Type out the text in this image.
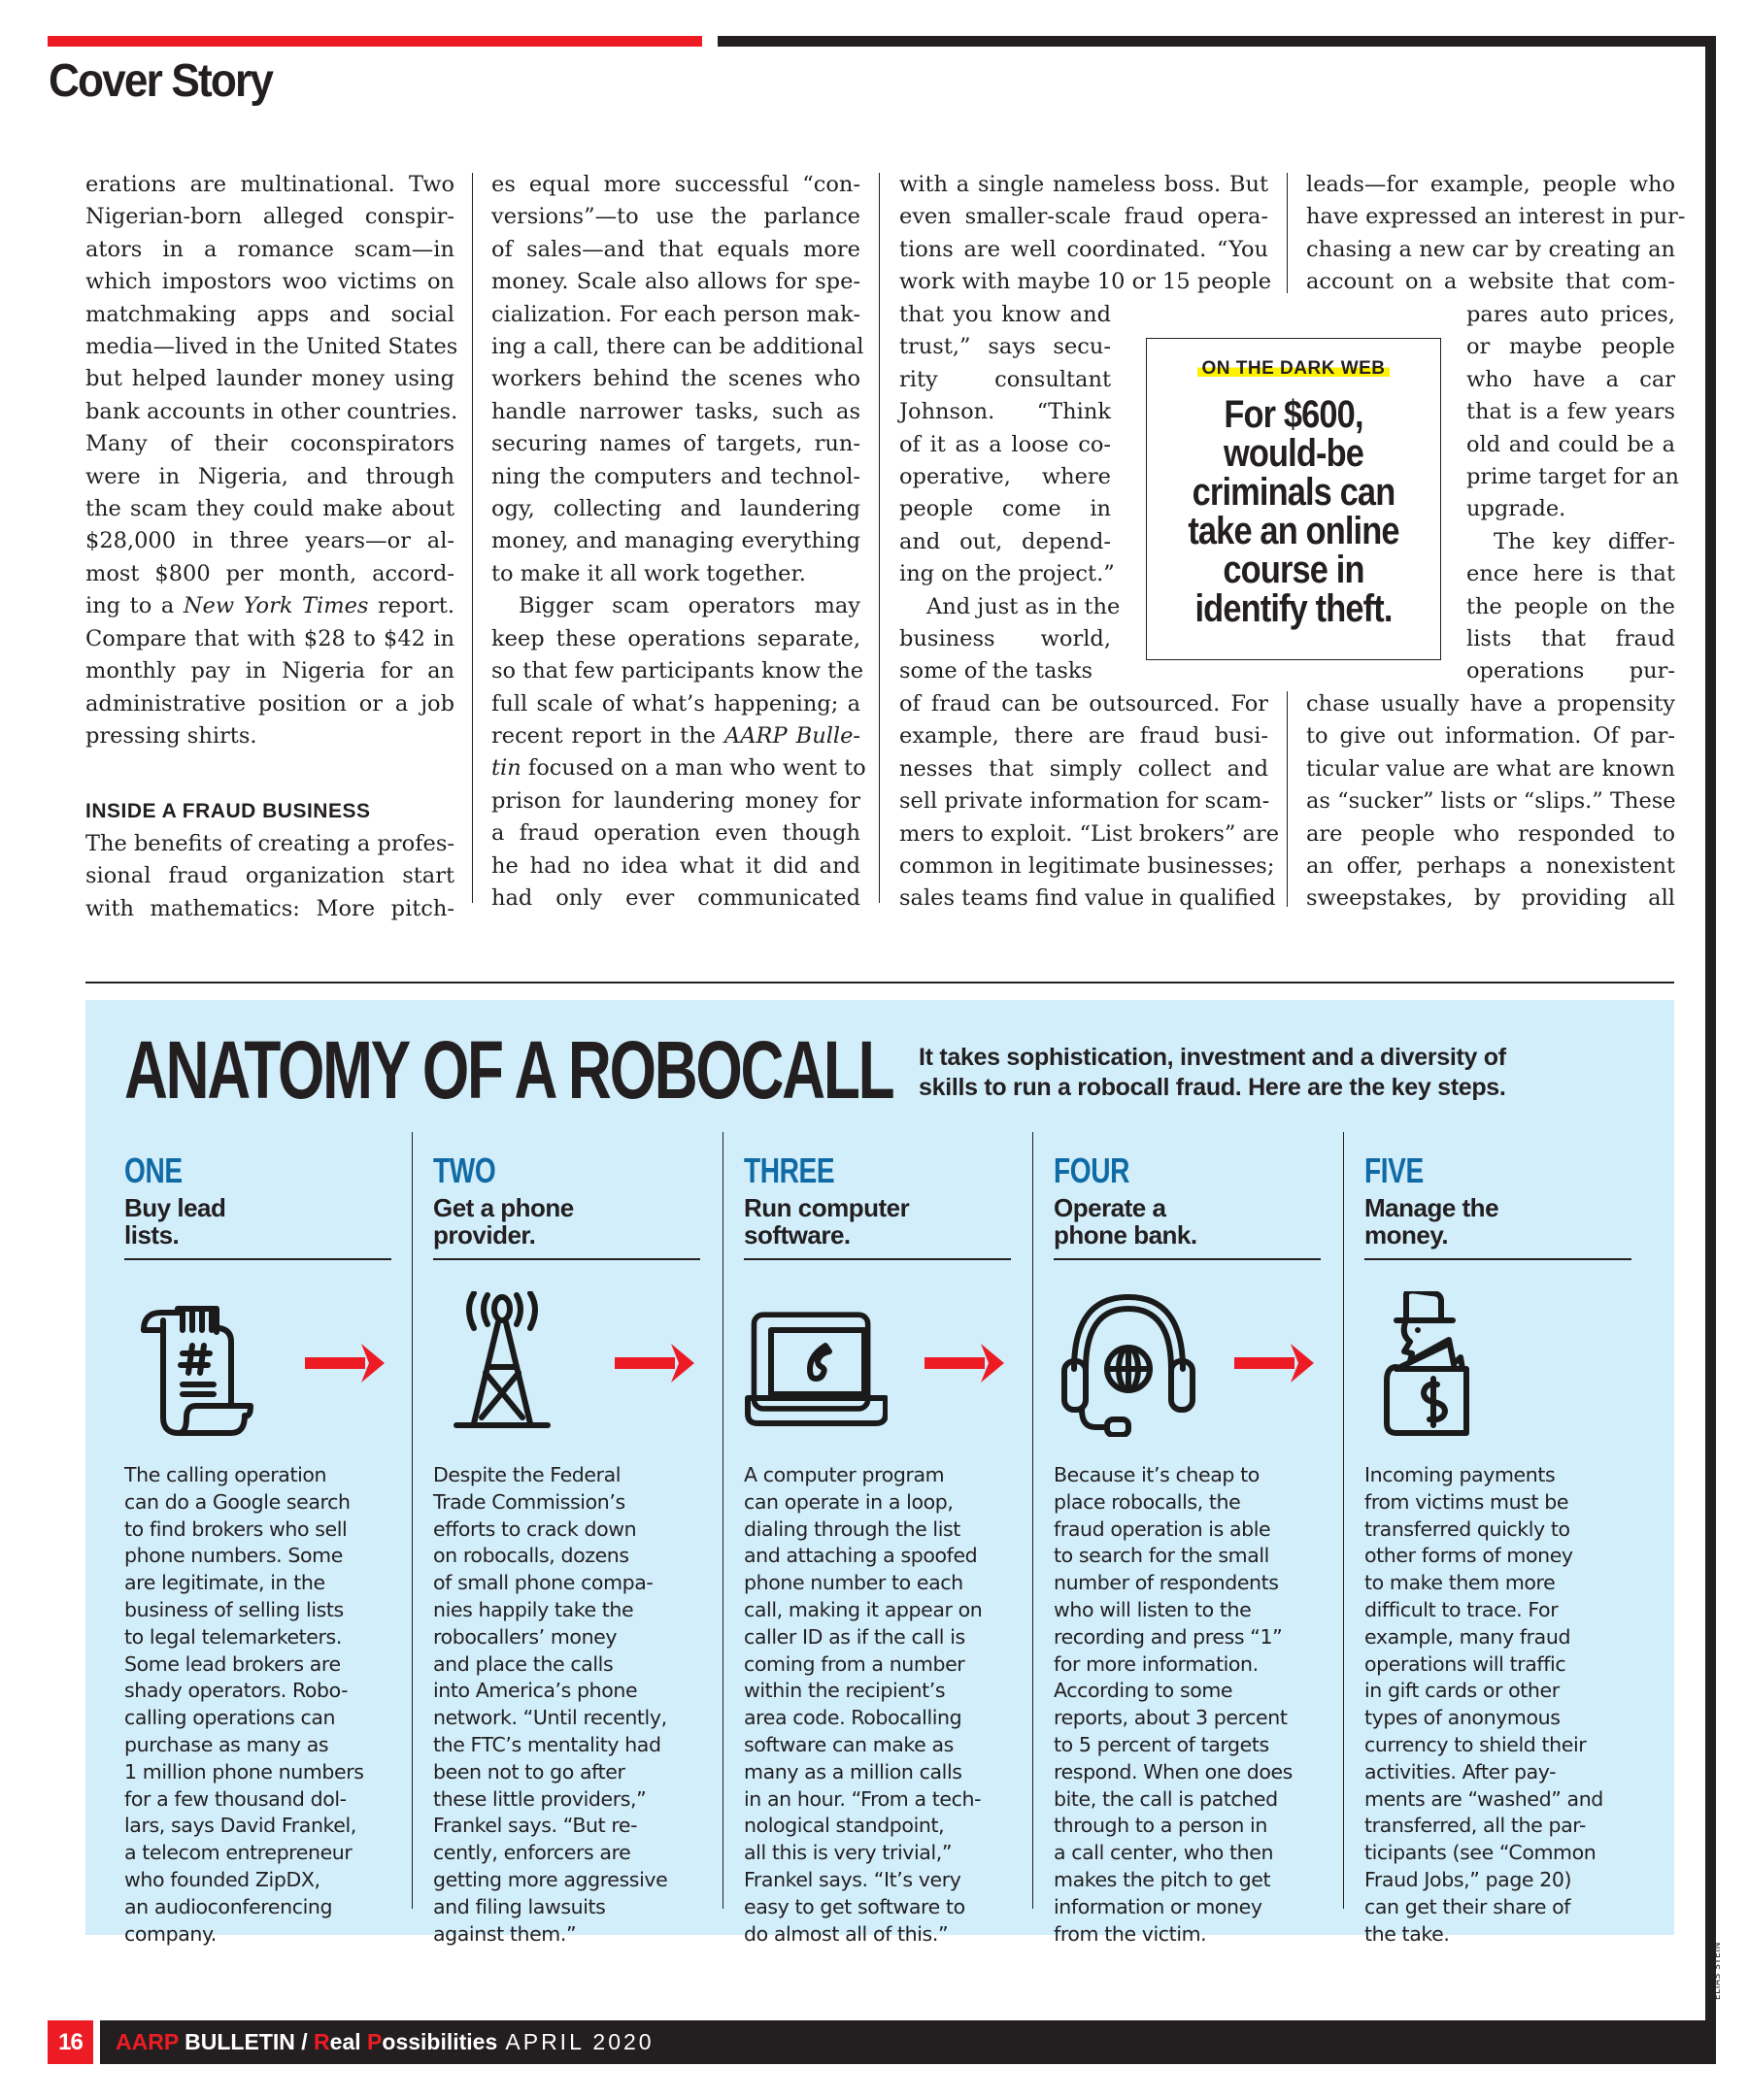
Cover Story
erations are multinational. Two
Nigerian-born alleged conspir-
ators in a romance scam—in
which impostors woo victims on
matchmaking apps and social
media—lived in the United States
but helped launder money using
bank accounts in other countries.
Many of their coconspirators
were in Nigeria, and through
the scam they could make about
$28,000 in three years—or al-
most $800 per month, accord-
ing to a New York Times report.
Compare that with $28 to $42 in
monthly pay in Nigeria for an
administrative position or a job
pressing shirts.
INSIDE A FRAUD BUSINESS
The benefits of creating a profes-
sional fraud organization start
with mathematics: More pitch-
es equal more successful “con-
versions”—to use the parlance
of sales—and that equals more
money. Scale also allows for spe-
cialization. For each person mak-
ing a call, there can be additional
workers behind the scenes who
handle narrower tasks, such as
securing names of targets, run-
ning the computers and technol-
ogy, collecting and laundering
money, and managing everything
to make it all work together.
Bigger scam operators may
keep these operations separate,
so that few participants know the
full scale of what’s happening; a
recent report in the AARP Bulle-
tin focused on a man who went to
prison for laundering money for
a fraud operation even though
he had no idea what it did and
had only ever communicated
with a single nameless boss. But
even smaller-scale fraud opera-
tions are well coordinated. “You
work with maybe 10 or 15 people
that you know and
trust,” says secu-
rity consultant
Johnson. “Think
of it as a loose co-
operative, where
people come in
and out, depend-
ing on the project.”
And just as in the
business world,
some of the tasks
of fraud can be outsourced. For
example, there are fraud busi-
nesses that simply collect and
sell private information for scam-
mers to exploit. “List brokers” are
common in legitimate businesses;
sales teams find value in qualified
leads—for example, people who
have expressed an interest in pur-
chasing a new car by creating an
account on a website that com-
pares auto prices,
or maybe people
who have a car
that is a few years
old and could be a
prime target for an
upgrade.
The key differ-
ence here is that
the people on the
lists that fraud
operations pur-
chase usually have a propensity
to give out information. Of par-
ticular value are what are known
as “sucker” lists or “slips.” These
are people who responded to
an offer, perhaps a nonexistent
sweepstakes, by providing all
ON THE DARK WEB
For $600,
would-be
criminals can
take an online
course in
identify theft.
ANATOMY OF A ROBOCALL It takes sophistication, investment and a diversity of
skills to run a robocall fraud. Here are the key steps.
ONE
Buy lead
lists.
The calling operation
can do a Google search
to find brokers who sell
phone numbers. Some
are legitimate, in the
business of selling lists
to legal telemarketers.
Some lead brokers are
shady operators. Robo-
calling operations can
purchase as many as
1 million phone numbers
for a few thousand dol-
lars, says David Frankel,
a telecom entrepreneur
who founded ZipDX,
an audioconferencing
company.
TWO
Get a phone
provider.
Despite the Federal
Trade Commission’s
efforts to crack down
on robocalls, dozens
of small phone compa-
nies happily take the
robocallers’ money
and place the calls
into America’s phone
network. “Until recently,
the FTC’s mentality had
been not to go after
these little providers,”
Frankel says. “But re-
cently, enforcers are
getting more aggressive
and filing lawsuits
against them.”
THREE
Run computer
software.
A computer program
can operate in a loop,
dialing through the list
and attaching a spoofed
phone number to each
call, making it appear on
caller ID as if the call is
coming from a number
within the recipient’s
area code. Robocalling
software can make as
many as a million calls
in an hour. “From a tech-
nological standpoint,
all this is very trivial,”
Frankel says. “It’s very
easy to get software to
do almost all of this.”
FOUR
Operate a
phone bank.
Because it’s cheap to
place robocalls, the
fraud operation is able
to search for the small
number of respondents
who will listen to the
recording and press “1”
for more information.
According to some
reports, about 3 percent
to 5 percent of targets
respond. When one does
bite, the call is patched
through to a person in
a call center, who then
makes the pitch to get
information or money
from the victim.
FIVE
Manage the
money.
Incoming payments
from victims must be
transferred quickly to
other forms of money
to make them more
difficult to trace. For
example, many fraud
operations will traffic
in gift cards or other
types of anonymous
currency to shield their
activities. After pay-
ments are “washed” and
transferred, all the par-
ticipants (see “Common
Fraud Jobs,” page 20)
can get their share of
the take.
ELIAS STEIN
16	AARP BULLETIN / Real Possibilities APRIL 2020
